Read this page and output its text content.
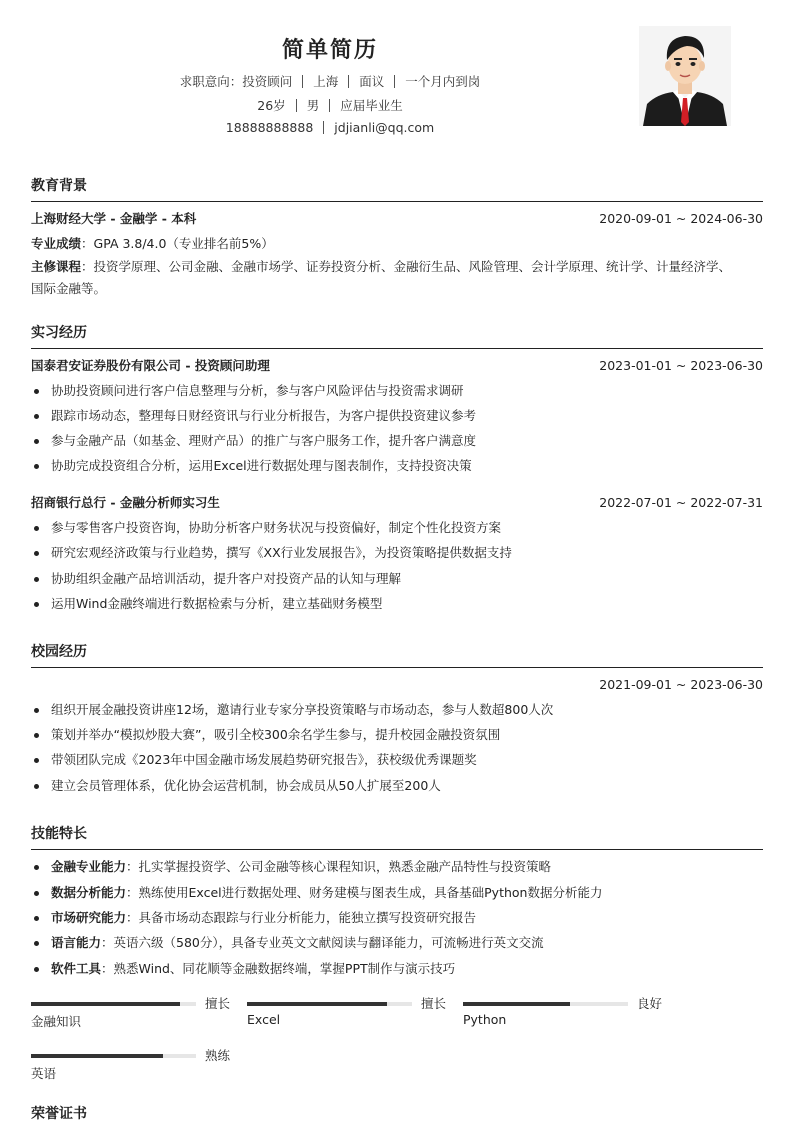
简单简历
求职意向：投资顾问 上海 面议 一个月内到岗
26岁 男 应届毕业生
18888888888 jdjianli@qq.com
教育背景
上海财经大学 - 金融学 - 本科	2020-09-01 ~ 2024-06-30
专业成绩：GPA 3.8/4.0（专业排名前5%）
主修课程：投资学原理、公司金融、金融市场学、证券投资分析、金融衍生品、风险管理、会计学原理、统计学、计量经济学、
国际金融等。
实习经历
国泰君安证券股份有限公司 - 投资顾问助理	2023-01-01 ~ 2023-06-30
协助投资顾问进行客户信息整理与分析，参与客户风险评估与投资需求调研
跟踪市场动态，整理每日财经资讯与行业分析报告，为客户提供投资建议参考
参与金融产品（如基金、理财产品）的推广与客户服务工作，提升客户满意度
协助完成投资组合分析，运用Excel进行数据处理与图表制作，支持投资决策
招商银行总行 - 金融分析师实习生	2022-07-01 ~ 2022-07-31
参与零售客户投资咨询，协助分析客户财务状况与投资偏好，制定个性化投资方案
研究宏观经济政策与行业趋势，撰写《XX行业发展报告》，为投资策略提供数据支持
协助组织金融产品培训活动，提升客户对投资产品的认知与理解
运用Wind金融终端进行数据检索与分析，建立基础财务模型
校园经历
2021-09-01 ~ 2023-06-30
组织开展金融投资讲座12场，邀请行业专家分享投资策略与市场动态，参与人数超800人次
策划并举办“模拟炒股大赛”，吸引全校300余名学生参与，提升校园金融投资氛围
带领团队完成《2023年中国金融市场发展趋势研究报告》，获校级优秀课题奖
建立会员管理体系，优化协会运营机制，协会成员从50人扩展至200人
技能特长
金融专业能力：扎实掌握投资学、公司金融等核心课程知识，熟悉金融产品特性与投资策略
数据分析能力：熟练使用Excel进行数据处理、财务建模与图表生成，具备基础Python数据分析能力
市场研究能力：具备市场动态跟踪与行业分析能力，能独立撰写投资研究报告
语言能力：英语六级（580分），具备专业英文文献阅读与翻译能力，可流畅进行英文交流
软件工具：熟悉Wind、同花顺等金融数据终端，掌握PPT制作与演示技巧
擅长
金融知识
擅长
Excel
良好
Python
熟练
英语
荣誉证书
